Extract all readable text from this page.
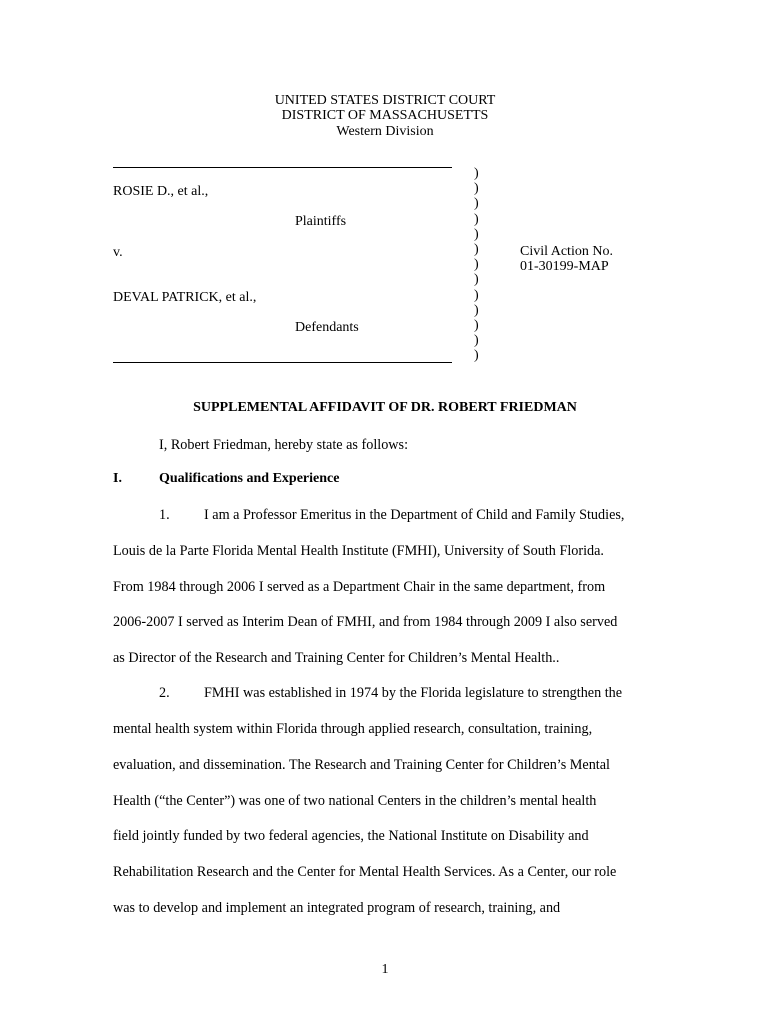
UNITED STATES DISTRICT COURT
DISTRICT OF MASSACHUSETTS
Western Division
ROSIE D., et al.,
Plaintiffs
v.
DEVAL PATRICK, et al.,
Defendants
)
)
)
)
)
)
)
)
)
)
)
)
)
Civil Action No.
01-30199-MAP
SUPPLEMENTAL AFFIDAVIT OF DR. ROBERT FRIEDMAN
I, Robert Friedman, hereby state as follows:
I.	Qualifications and Experience
1. I am a Professor Emeritus in the Department of Child and Family Studies,
Louis de la Parte Florida Mental Health Institute (FMHI), University of South Florida.
From 1984 through 2006 I served as a Department Chair in the same department, from
2006-2007 I served as Interim Dean of FMHI, and from 1984 through 2009 I also served
as Director of the Research and Training Center for Children’s Mental Health..
2. FMHI was established in 1974 by the Florida legislature to strengthen the
mental health system within Florida through applied research, consultation, training,
evaluation, and dissemination. The Research and Training Center for Children’s Mental
Health (“the Center”) was one of two national Centers in the children’s mental health
field jointly funded by two federal agencies, the National Institute on Disability and
Rehabilitation Research and the Center for Mental Health Services. As a Center, our role
was to develop and implement an integrated program of research, training, and
1
